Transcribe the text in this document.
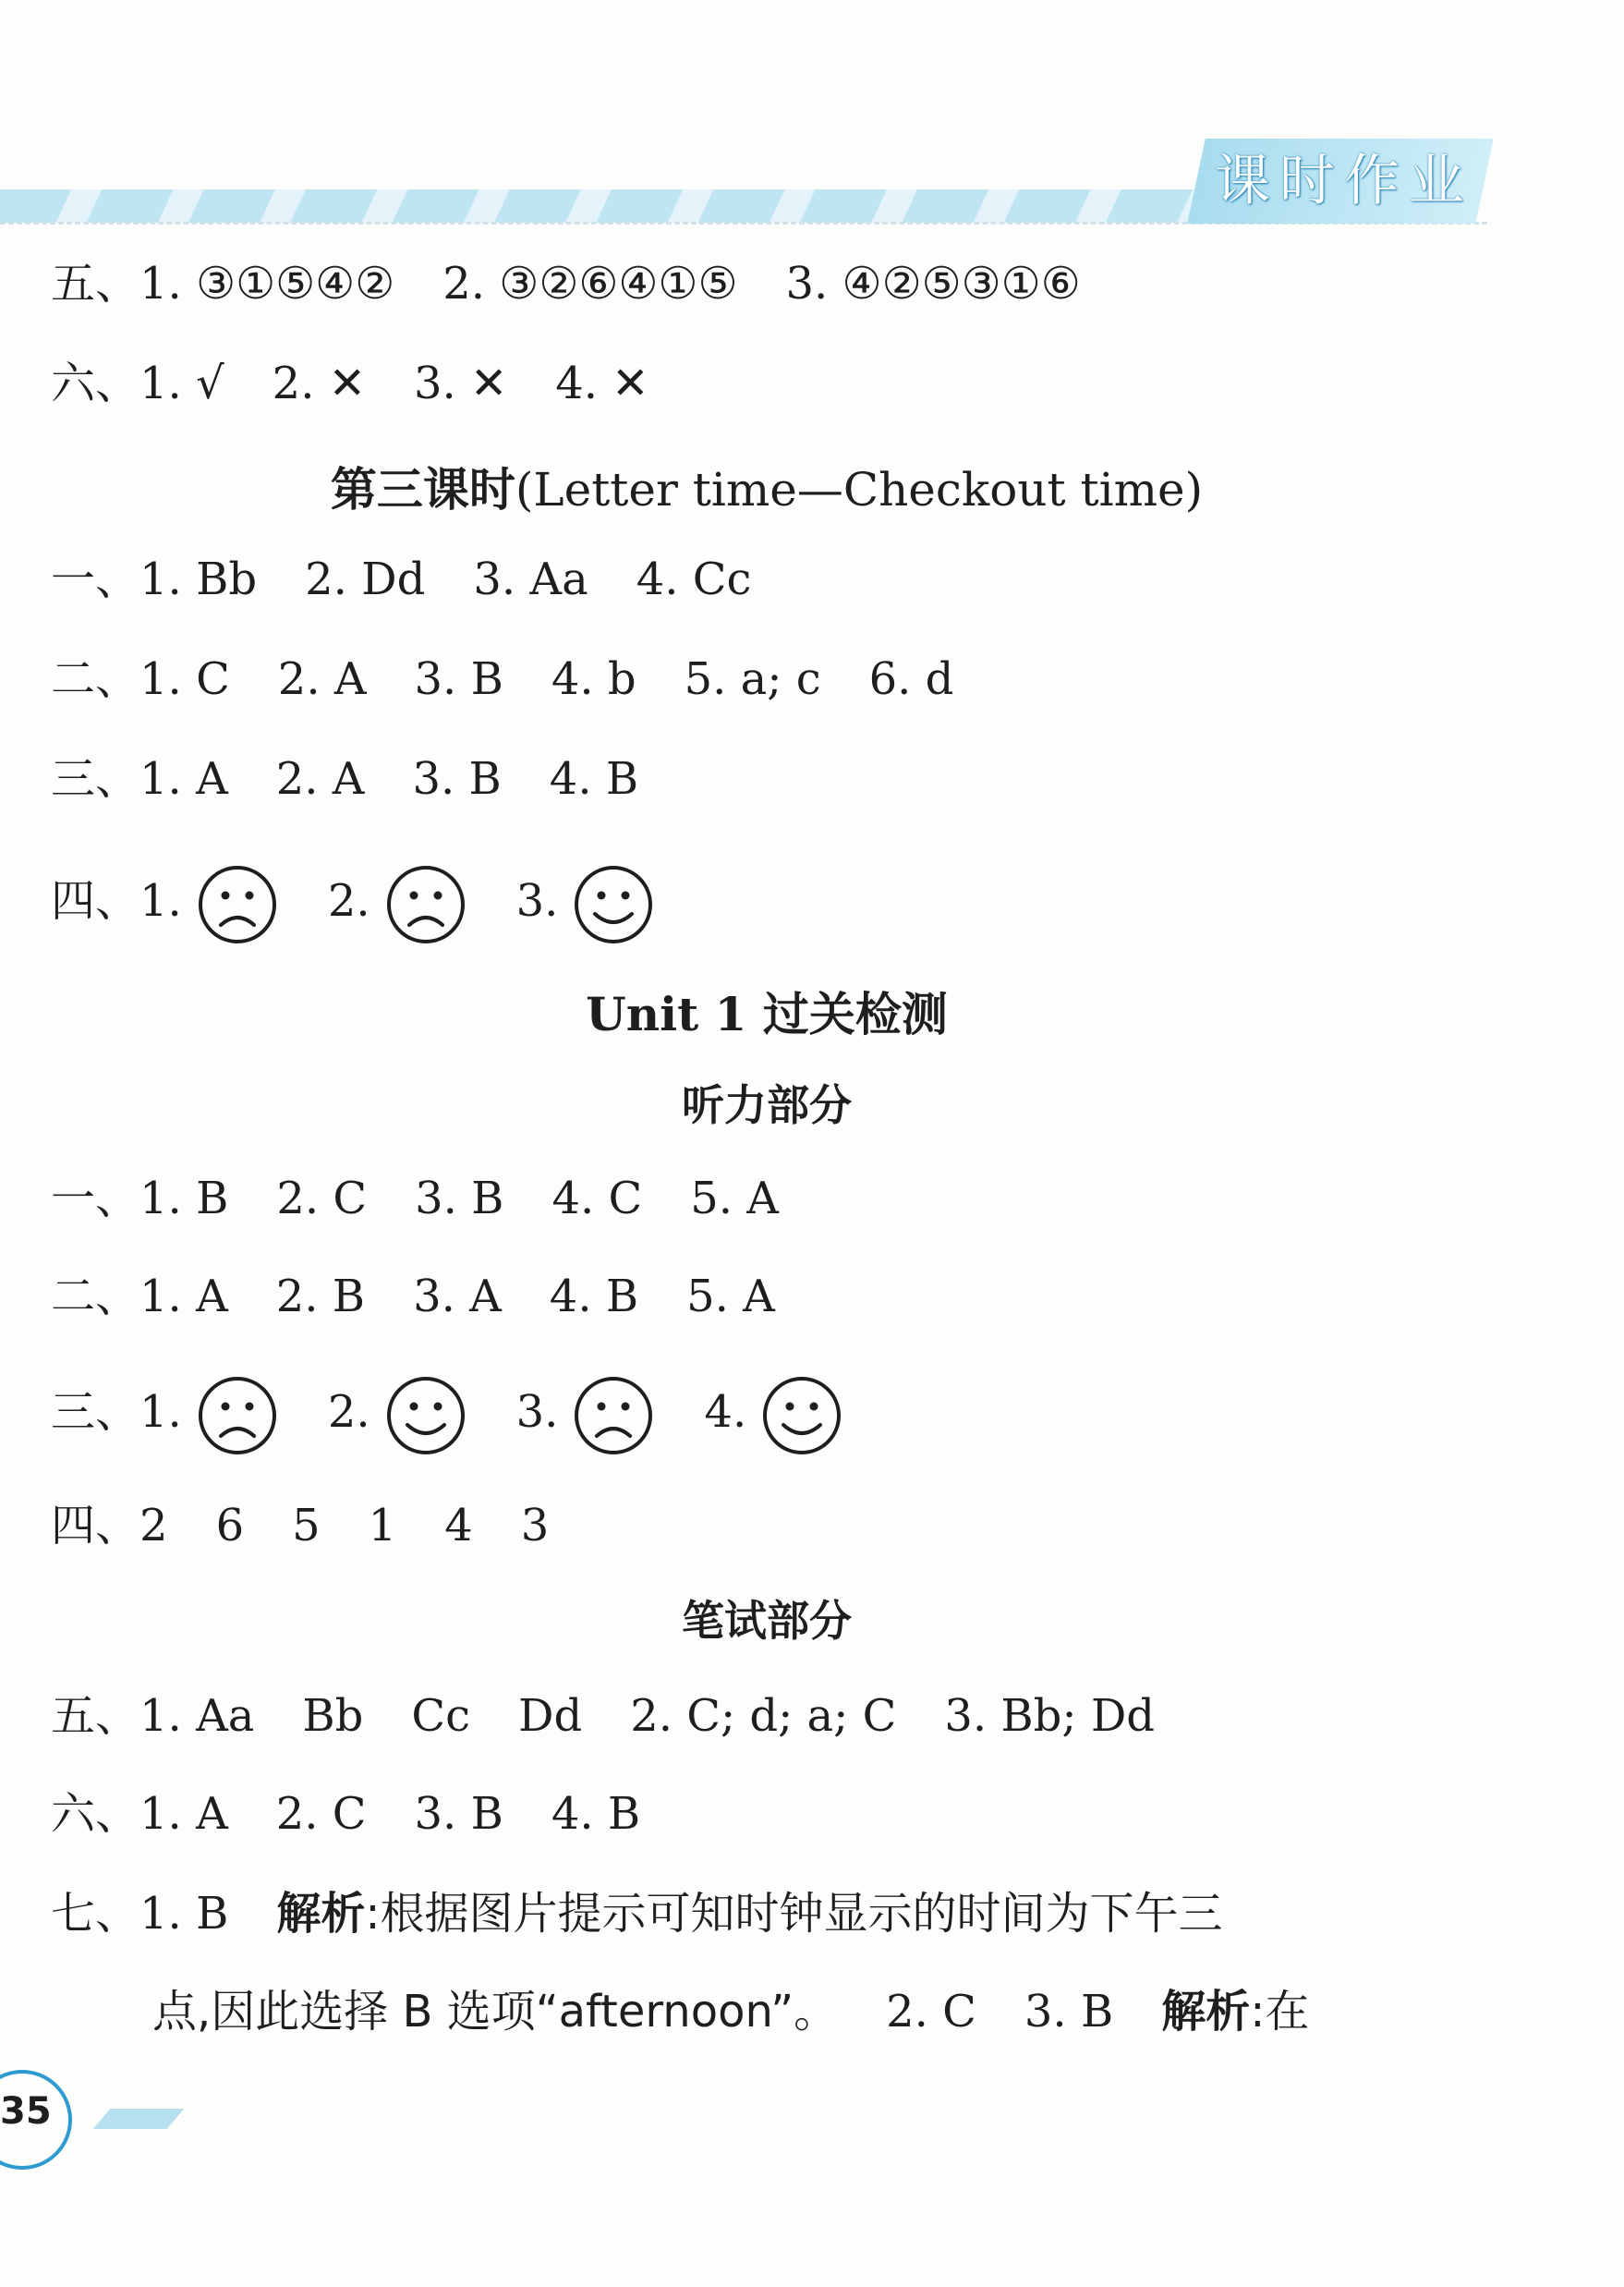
课时作业
五、1. ③①⑤④② 2. ③②⑥④①⑤ 3. ④②⑤③①⑥
六、1. √ 2. ✕ 3. ✕ 4. ✕
第三课时(Letter time—Checkout time)
一、1. Bb 2. Dd 3. Aa 4. Cc
二、1. C 2. A 3. B 4. b 5. a; c 6. d
三、1. A 2. A 3. B 4. B
四、1.	2.	3.
Unit 1 过关检测
听力部分
一、1. B 2. C 3. B 4. C 5. A
二、1. A 2. B 3. A 4. B 5. A
三、1.	2.	3.	4.
四、2 6 5 1 4 3
笔试部分
五、1. Aa Bb Cc Dd 2. C; d; a; C 3. Bb; Dd
六、1. A 2. C 3. B 4. B
七、1. B 解析:根据图片提示可知时钟显示的时间为下午三
点,因此选择 B 选项“afternoon”。 2. C 3. B 解析:在
35
